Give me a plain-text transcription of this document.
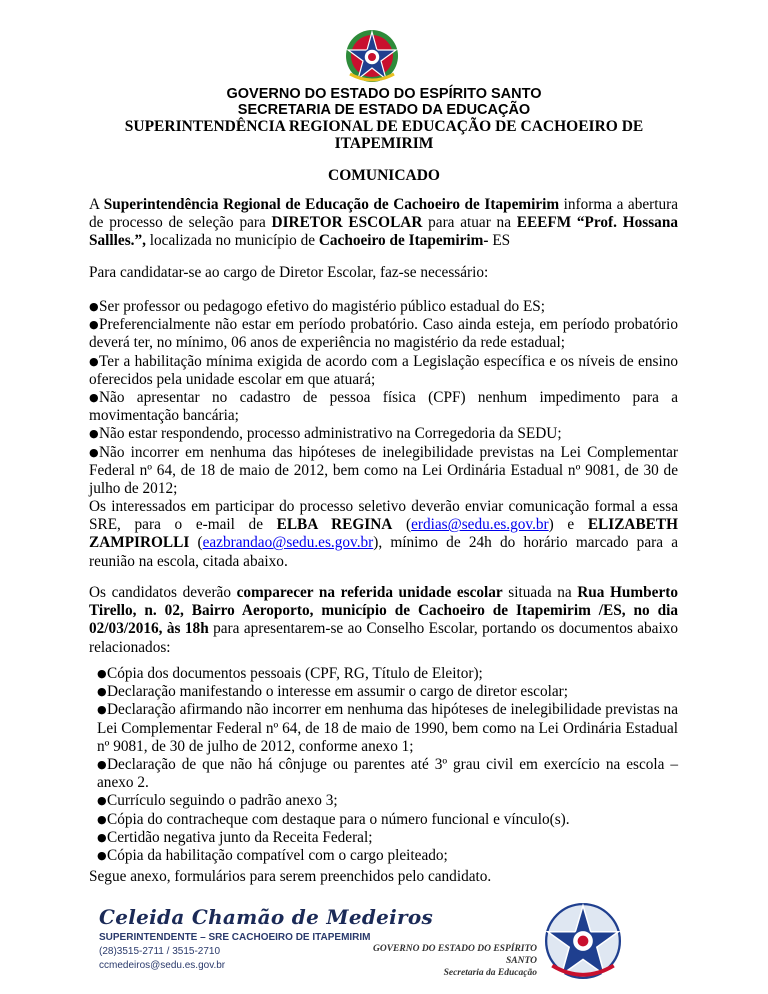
GOVERNO DO ESTADO DO ESPÍRITO SANTO
SECRETARIA DE ESTADO DA EDUCAÇÃO
SUPERINTENDÊNCIA REGIONAL DE EDUCAÇÃO DE CACHOEIRO DE
ITAPEMIRIM
COMUNICADO
A Superintendência Regional de Educação de Cachoeiro de Itapemirim informa a abertura de processo de seleção para DIRETOR ESCOLAR para atuar na EEEFM “Prof. Hossana Sallles.”, localizada no município de Cachoeiro de Itapemirim- ES
Para candidatar-se ao cargo de Diretor Escolar, faz-se necessário:
●Ser professor ou pedagogo efetivo do magistério público estadual do ES;
●Preferencialmente não estar em período probatório. Caso ainda esteja, em período probatório deverá ter, no mínimo, 06 anos de experiência no magistério da rede estadual;
●Ter a habilitação mínima exigida de acordo com a Legislação específica e os níveis de ensino oferecidos pela unidade escolar em que atuará;
●Não apresentar no cadastro de pessoa física (CPF) nenhum impedimento para a movimentação bancária;
●Não estar respondendo, processo administrativo na Corregedoria da SEDU;
●Não incorrer em nenhuma das hipóteses de inelegibilidade previstas na Lei Complementar Federal nº 64, de 18 de maio de 2012, bem como na Lei Ordinária Estadual nº 9081, de 30 de julho de 2012;
Os interessados em participar do processo seletivo deverão enviar comunicação formal a essa SRE, para o e-mail de ELBA REGINA (erdias@sedu.es.gov.br) e ELIZABETH ZAMPIROLLI (eazbrandao@sedu.es.gov.br), mínimo de 24h do horário marcado para a reunião na escola, citada abaixo.
Os candidatos deverão comparecer na referida unidade escolar situada na Rua Humberto Tirello, n. 02, Bairro Aeroporto, município de Cachoeiro de Itapemirim /ES, no dia 02/03/2016, às 18h para apresentarem-se ao Conselho Escolar, portando os documentos abaixo relacionados:
●Cópia dos documentos pessoais (CPF, RG, Título de Eleitor);
●Declaração manifestando o interesse em assumir o cargo de diretor escolar;
●Declaração afirmando não incorrer em nenhuma das hipóteses de inelegibilidade previstas na Lei Complementar Federal nº 64, de 18 de maio de 1990, bem como na Lei Ordinária Estadual nº 9081, de 30 de julho de 2012, conforme anexo 1;
●Declaração de que não há cônjuge ou parentes até 3º grau civil em exercício na escola – anexo 2.
●Currículo seguindo o padrão anexo 3;
●Cópia do contracheque com destaque para o número funcional e vínculo(s).
●Certidão negativa junto da Receita Federal;
●Cópia da habilitação compatível com o cargo pleiteado;
Segue anexo, formulários para serem preenchidos pelo candidato.
Celeida Chamão de Medeiros
SUPERINTENDENTE – SRE CACHOEIRO DE ITAPEMIRIM
(28)3515-2711 / 3515-2710
ccmedeiros@sedu.es.gov.br
GOVERNO DO ESTADO DO ESPÍRITO SANTO
Secretaria da Educação
